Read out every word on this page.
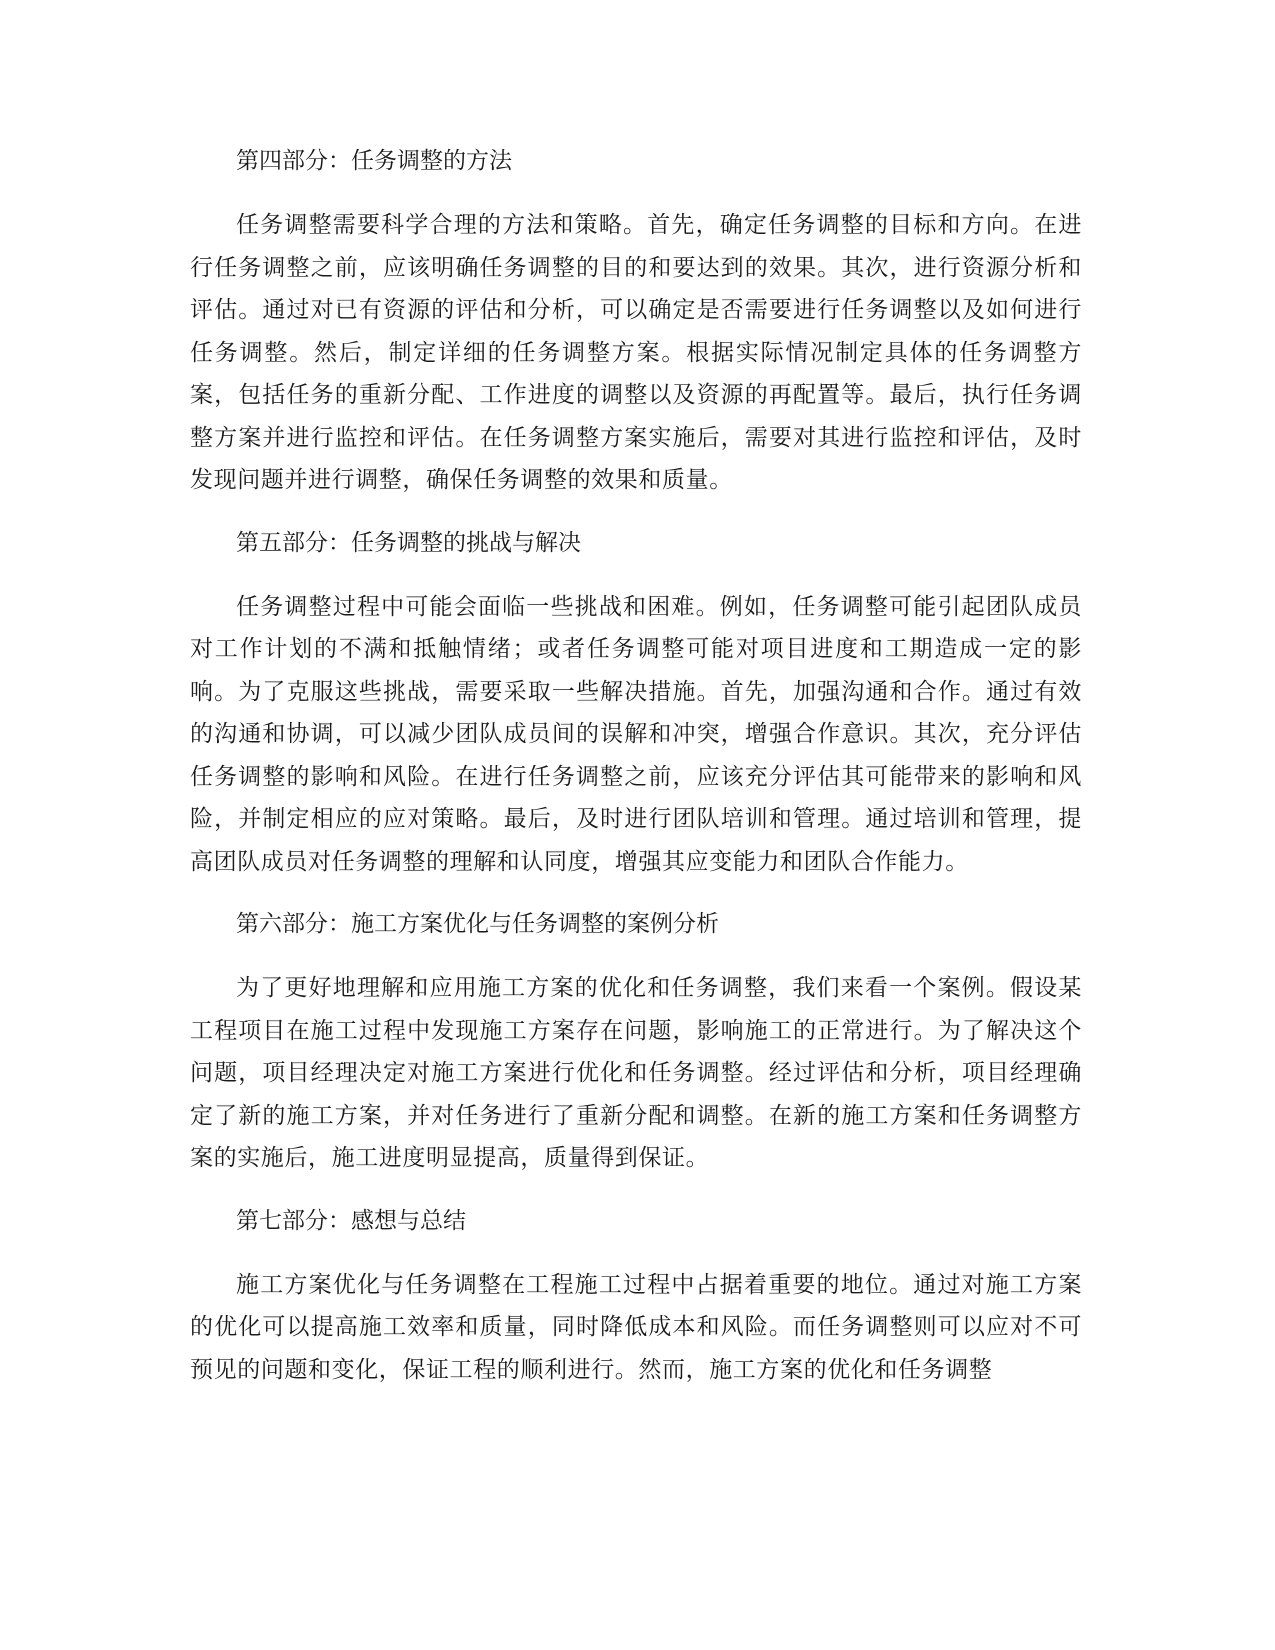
第四部分：任务调整的方法

任务调整需要科学合理的方法和策略。首先，确定任务调整的目标和方向。在进行任务调整之前，应该明确任务调整的目的和要达到的效果。其次，进行资源分析和评估。通过对已有资源的评估和分析，可以确定是否需要进行任务调整以及如何进行任务调整。然后，制定详细的任务调整方案。根据实际情况制定具体的任务调整方案，包括任务的重新分配、工作进度的调整以及资源的再配置等。最后，执行任务调整方案并进行监控和评估。在任务调整方案实施后，需要对其进行监控和评估，及时发现问题并进行调整，确保任务调整的效果和质量。

第五部分：任务调整的挑战与解决

任务调整过程中可能会面临一些挑战和困难。例如，任务调整可能引起团队成员对工作计划的不满和抵触情绪；或者任务调整可能对项目进度和工期造成一定的影响。为了克服这些挑战，需要采取一些解决措施。首先，加强沟通和合作。通过有效的沟通和协调，可以减少团队成员间的误解和冲突，增强合作意识。其次，充分评估任务调整的影响和风险。在进行任务调整之前，应该充分评估其可能带来的影响和风险，并制定相应的应对策略。最后，及时进行团队培训和管理。通过培训和管理，提高团队成员对任务调整的理解和认同度，增强其应变能力和团队合作能力。

第六部分：施工方案优化与任务调整的案例分析

为了更好地理解和应用施工方案的优化和任务调整，我们来看一个案例。假设某工程项目在施工过程中发现施工方案存在问题，影响施工的正常进行。为了解决这个问题，项目经理决定对施工方案进行优化和任务调整。经过评估和分析，项目经理确定了新的施工方案，并对任务进行了重新分配和调整。在新的施工方案和任务调整方案的实施后，施工进度明显提高，质量得到保证。

第七部分：感想与总结

施工方案优化与任务调整在工程施工过程中占据着重要的地位。通过对施工方案的优化可以提高施工效率和质量，同时降低成本和风险。而任务调整则可以应对不可预见的问题和变化，保证工程的顺利进行。然而，施工方案的优化和任务调整
